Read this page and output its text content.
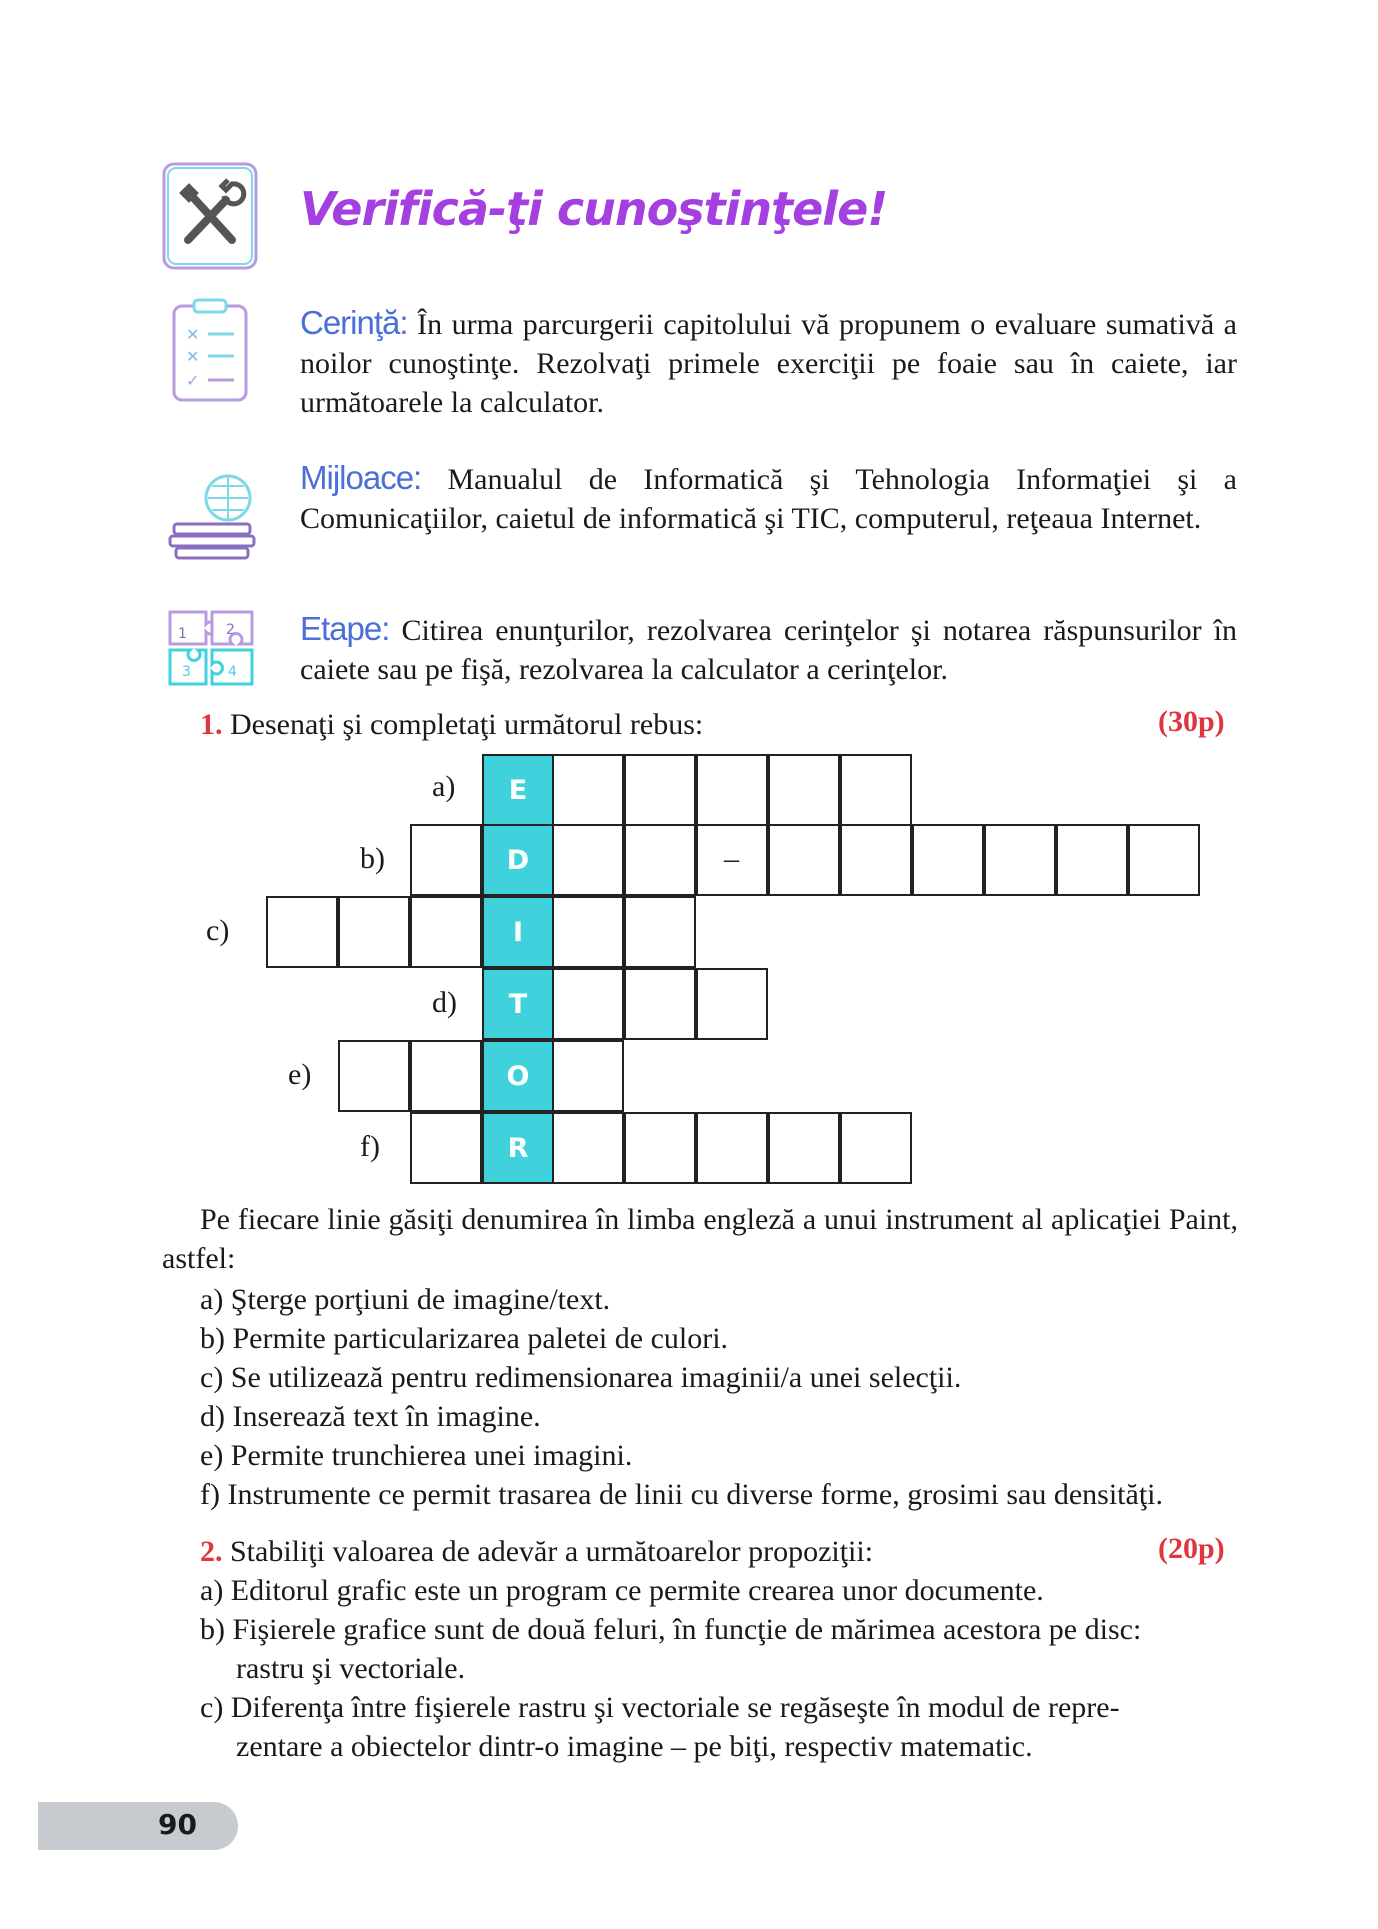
✕
✕
✓
1	2
3	4
Verifică-ţi cunoştinţele!
Cerinţă: În urma parcurgerii capitolului vă propunem o evaluare sumativă a noilor cunoştinţe. Rezolvaţi primele exerciţii pe foaie sau în caiete, iar următoarele la calculator.
Mijloace: Manualul de Informatică şi Tehnologia Informaţiei şi a Comunicaţiilor, caietul de informatică şi TIC, computerul, reţeaua Internet.
Etape: Citirea enunţurilor, rezolvarea cerinţelor şi notarea răspunsurilor în caiete sau pe fişă, rezolvarea la calculator a cerinţelor.
1. Desenaţi şi completaţi următorul rebus:	(30p)
a)	E
b)	D	–
c)	I
d)	T
e)	O
f)	R
Pe fiecare linie găsiţi denumirea în limba engleză a unui instrument al aplicaţiei Paint, astfel:
a) Şterge porţiuni de imagine/text.
b) Permite particularizarea paletei de culori.
c) Se utilizează pentru redimensionarea imaginii/a unei selecţii.
d) Inserează text în imagine.
e) Permite trunchierea unei imagini.
f) Instrumente ce permit trasarea de linii cu diverse forme, grosimi sau densităţi.
2. Stabiliţi valoarea de adevăr a următoarelor propoziţii:	(20p)
a) Editorul grafic este un program ce permite crearea unor documente.
b) Fişierele grafice sunt de două feluri, în funcţie de mărimea acestora pe disc:
rastru şi vectoriale.
c) Diferenţa între fişierele rastru şi vectoriale se regăseşte în modul de repre-
zentare a obiectelor dintr-o imagine – pe biţi, respectiv matematic.
90
